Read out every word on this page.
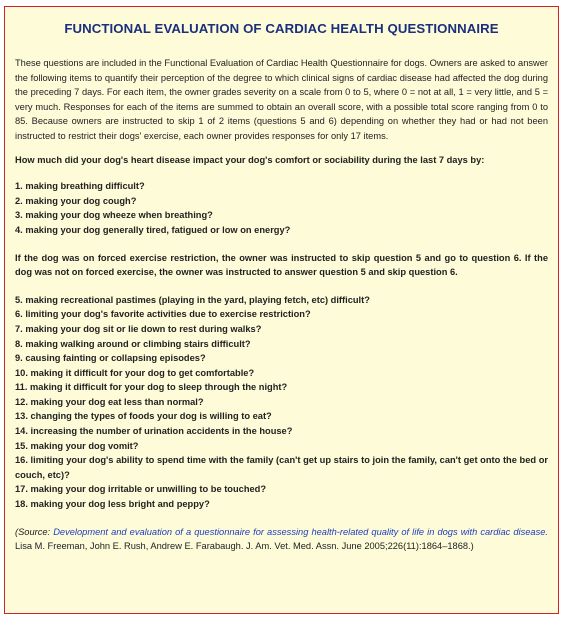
FUNCTIONAL EVALUATION OF CARDIAC HEALTH QUESTIONNAIRE

These questions are included in the Functional Evaluation of Cardiac Health Questionnaire for dogs. Owners are asked to answer the following items to quantify their perception of the degree to which clinical signs of cardiac disease had affected the dog during the preceding 7 days. For each item, the owner grades severity on a scale from 0 to 5, where 0 = not at all, 1 = very little, and 5 = very much. Responses for each of the items are summed to obtain an overall score, with a possible total score ranging from 0 to 85. Because owners are instructed to skip 1 of 2 items (questions 5 and 6) depending on whether they had or had not been instructed to restrict their dogs' exercise, each owner provides responses for only 17 items.

How much did your dog's heart disease impact your dog's comfort or sociability during the last 7 days by:

1. making breathing difficult?
2. making your dog cough?
3. making your dog wheeze when breathing?
4. making your dog generally tired, fatigued or low on energy?

If the dog was on forced exercise restriction, the owner was instructed to skip question 5 and go to question 6. If the dog was not on forced exercise, the owner was instructed to answer question 5 and skip question 6.

5. making recreational pastimes (playing in the yard, playing fetch, etc) difficult?
6. limiting your dog's favorite activities due to exercise restriction?
7. making your dog sit or lie down to rest during walks?
8. making walking around or climbing stairs difficult?
9. causing fainting or collapsing episodes?
10. making it difficult for your dog to get comfortable?
11. making it difficult for your dog to sleep through the night?
12. making your dog eat less than normal?
13. changing the types of foods your dog is willing to eat?
14. increasing the number of urination accidents in the house?
15. making your dog vomit?
16. limiting your dog's ability to spend time with the family (can't get up stairs to join the family, can't get onto the bed or couch, etc)?
17. making your dog irritable or unwilling to be touched?
18. making your dog less bright and peppy?

(Source: Development and evaluation of a questionnaire for assessing health-related quality of life in dogs with cardiac disease. Lisa M. Freeman, John E. Rush, Andrew E. Farabaugh. J. Am. Vet. Med. Assn. June 2005;226(11):1864–1868.)
